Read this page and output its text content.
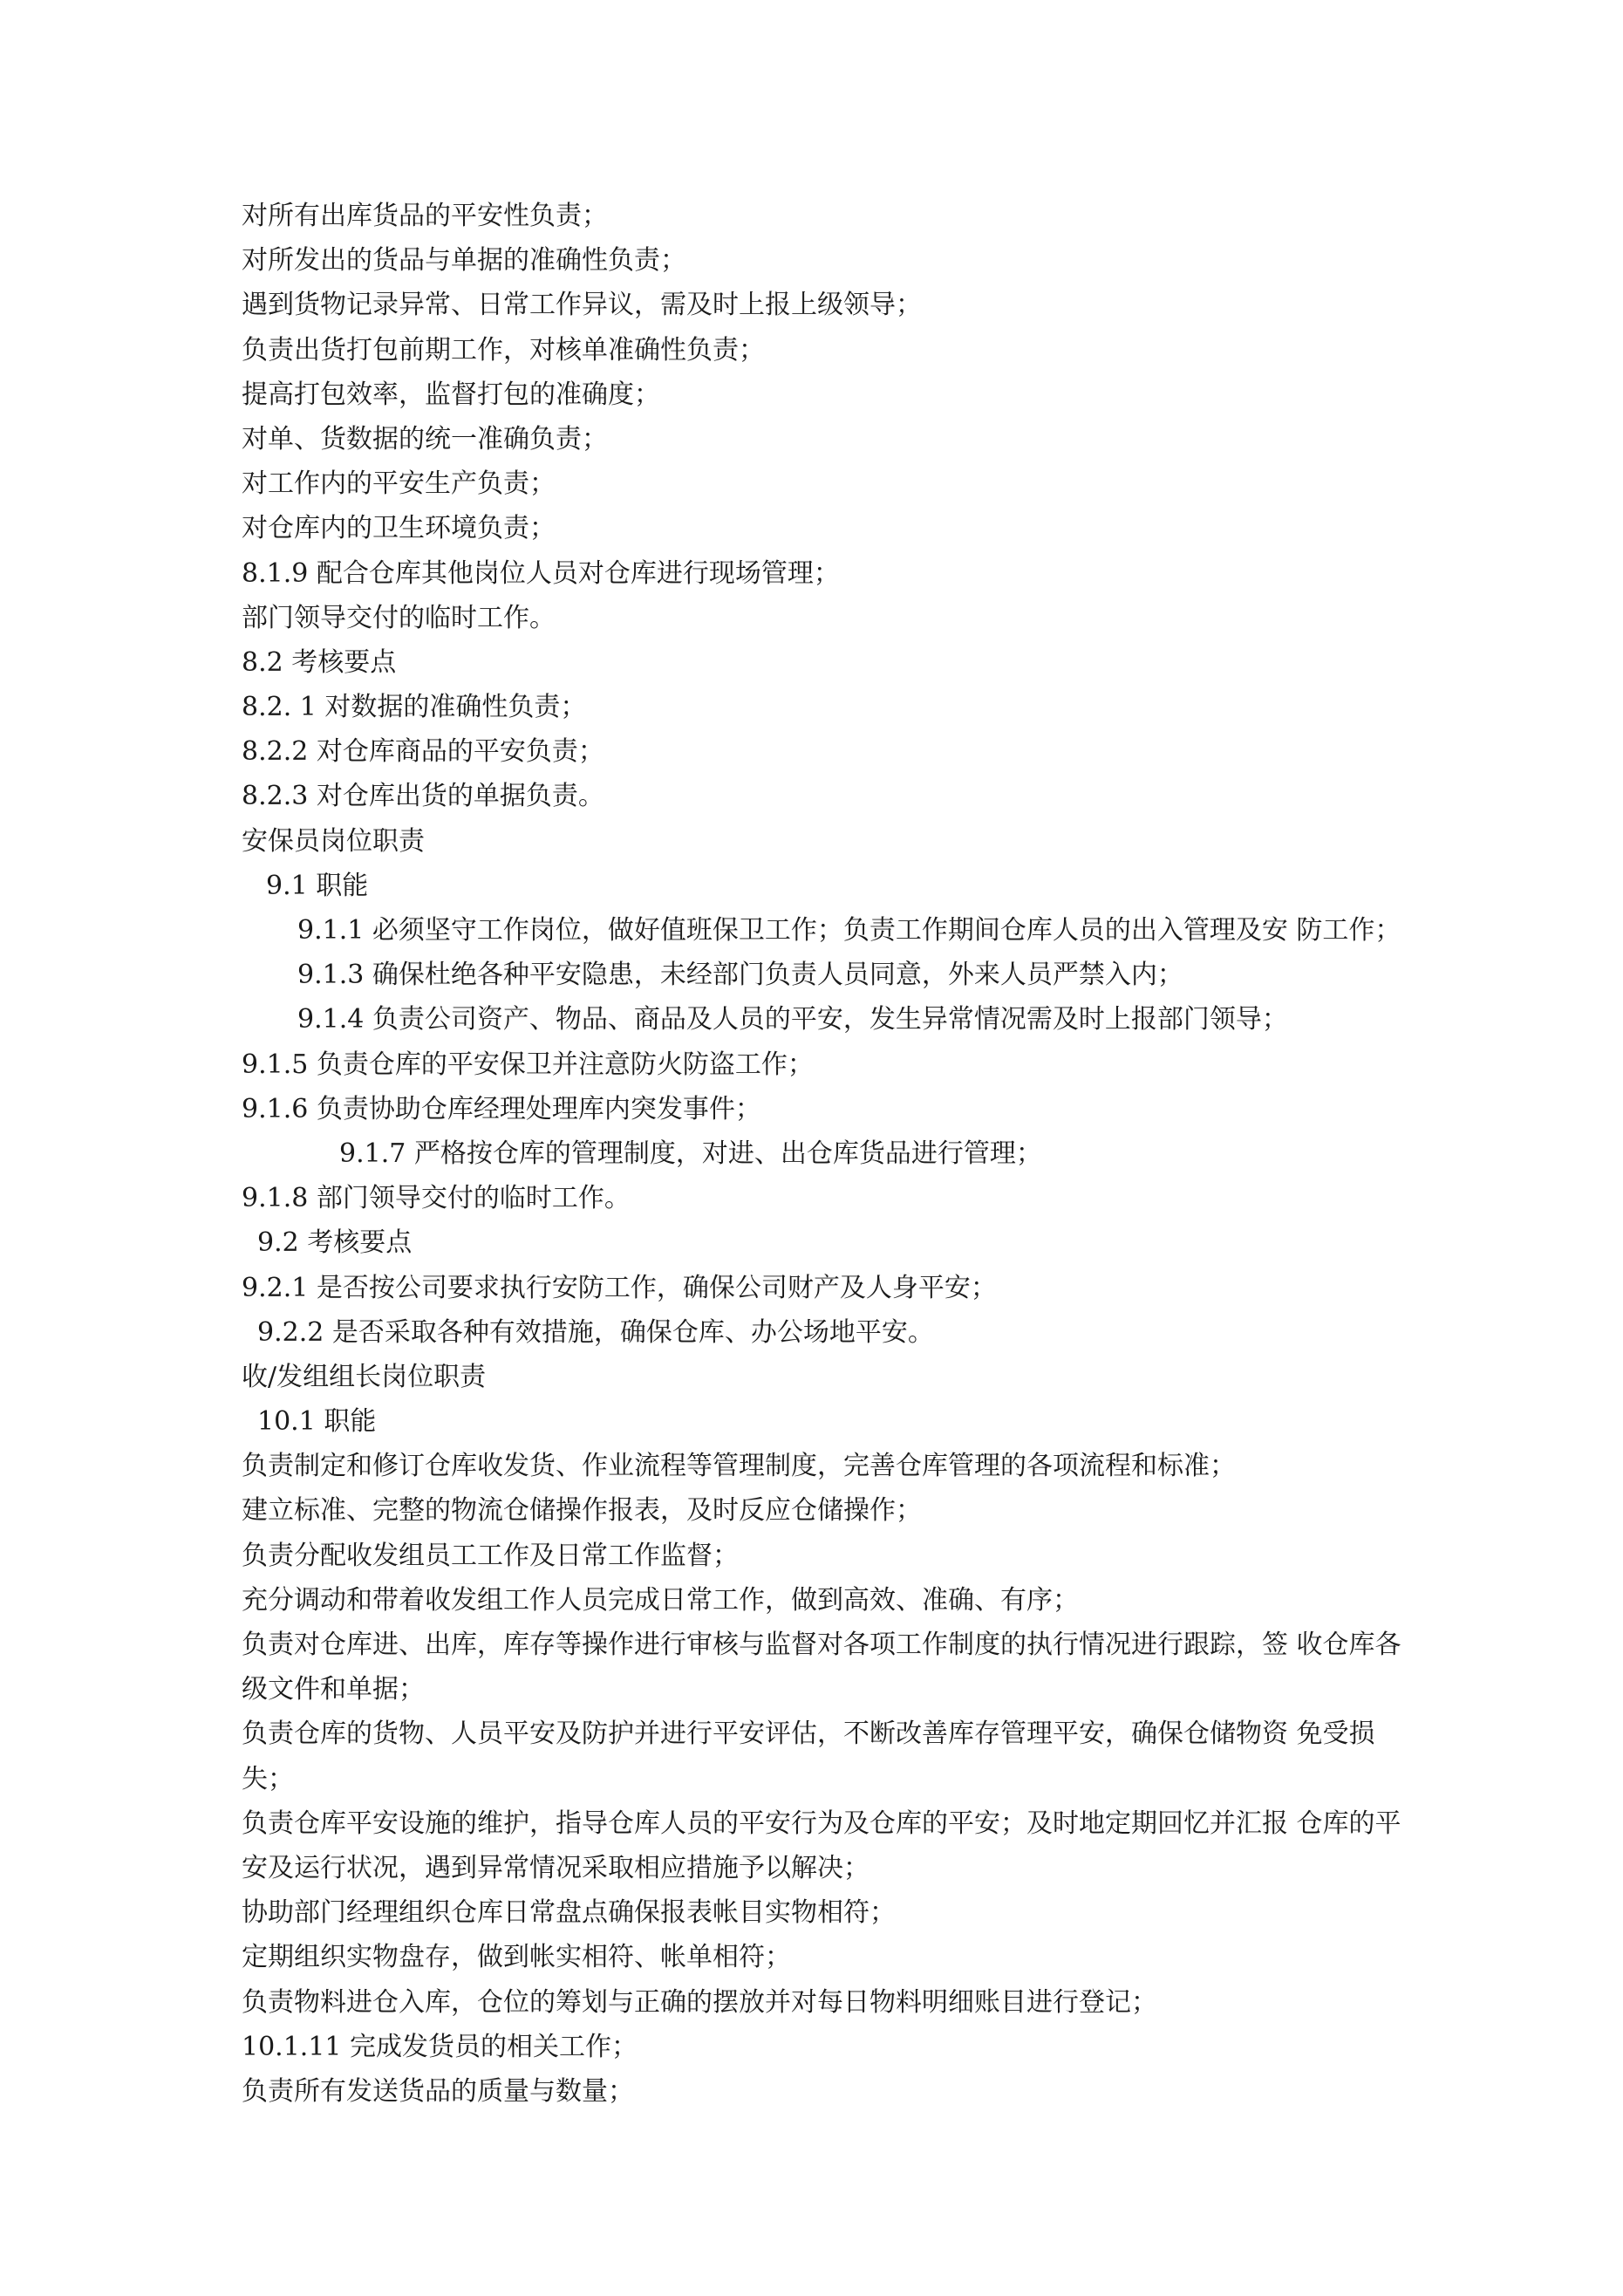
对所有出库货品的平安性负责；
对所发出的货品与单据的准确性负责；
遇到货物记录异常、日常工作异议，需及时上报上级领导；
负责出货打包前期工作，对核单准确性负责；
提高打包效率，监督打包的准确度；
对单、货数据的统一准确负责；
对工作内的平安生产负责；
对仓库内的卫生环境负责；
8.1.9 配合仓库其他岗位人员对仓库进行现场管理；
部门领导交付的临时工作。
8.2 考核要点
8.2. 1 对数据的准确性负责；
8.2.2 对仓库商品的平安负责；
8.2.3 对仓库出货的单据负责。
安保员岗位职责
9.1 职能
9.1.1 必须坚守工作岗位，做好值班保卫工作；负责工作期间仓库人员的出入管理及安 防工作；
9.1.3 确保杜绝各种平安隐患，未经部门负责人员同意，外来人员严禁入内；
9.1.4 负责公司资产、物品、商品及人员的平安，发生异常情况需及时上报部门领导；
9.1.5 负责仓库的平安保卫并注意防火防盗工作；
9.1.6 负责协助仓库经理处理库内突发事件；
9.1.7 严格按仓库的管理制度，对进、出仓库货品进行管理；
9.1.8 部门领导交付的临时工作。
9.2 考核要点
9.2.1 是否按公司要求执行安防工作，确保公司财产及人身平安；
9.2.2 是否采取各种有效措施，确保仓库、办公场地平安。
收/发组组长岗位职责
10.1 职能
负责制定和修订仓库收发货、作业流程等管理制度，完善仓库管理的各项流程和标准；
建立标准、完整的物流仓储操作报表，及时反应仓储操作；
负责分配收发组员工工作及日常工作监督；
充分调动和带着收发组工作人员完成日常工作，做到高效、准确、有序；
负责对仓库进、出库，库存等操作进行审核与监督对各项工作制度的执行情况进行跟踪，签 收仓库各级文件和单据；
负责仓库的货物、人员平安及防护并进行平安评估，不断改善库存管理平安，确保仓储物资 免受损失；
负责仓库平安设施的维护，指导仓库人员的平安行为及仓库的平安；及时地定期回忆并汇报 仓库的平安及运行状况，遇到异常情况采取相应措施予以解决；
协助部门经理组织仓库日常盘点确保报表帐目实物相符；
定期组织实物盘存，做到帐实相符、帐单相符；
负责物料进仓入库，仓位的筹划与正确的摆放并对每日物料明细账目进行登记；
10.1.11 完成发货员的相关工作；
负责所有发送货品的质量与数量；
